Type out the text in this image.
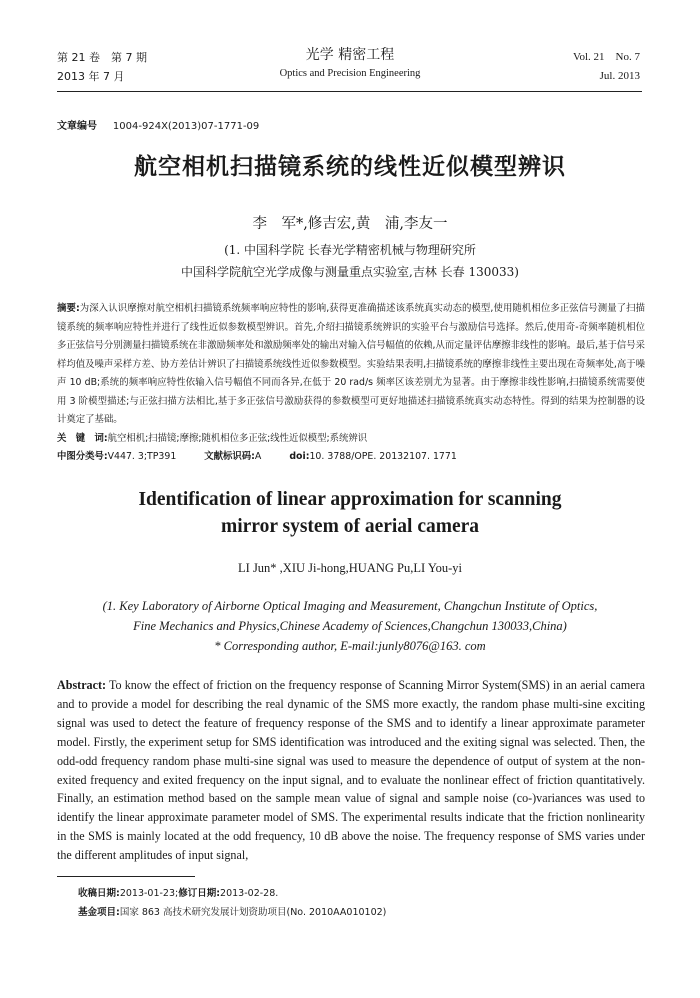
第 21 卷　第 7 期
2013 年 7 月
光学 精密工程
Optics and Precision Engineering
Vol. 21　No. 7
Jul. 2013
文章编号 1004-924X(2013)07-1771-09
航空相机扫描镜系统的线性近似模型辨识
李　军*,修吉宏,黄　浦,李友一
(1. 中国科学院 长春光学精密机械与物理研究所
中国科学院航空光学成像与测量重点实验室,吉林 长春 130033)
摘要:为深入认识摩擦对航空相机扫描镜系统频率响应特性的影响,获得更准确描述该系统真实动态的模型,使用随机相位多正弦信号测量了扫描镜系统的频率响应特性并进行了线性近似参数模型辨识。首先,介绍扫描镜系统辨识的实验平台与激励信号选择。然后,使用奇-奇频率随机相位多正弦信号分别测量扫描镜系统在非激励频率处和激励频率处的输出对输入信号幅值的依赖,从而定量评估摩擦非线性的影响。最后,基于信号采样均值及噪声采样方差、协方差估计辨识了扫描镜系统线性近似参数模型。实验结果表明,扫描镜系统的摩擦非线性主要出现在奇频率处,高于噪声 10 dB;系统的频率响应特性依输入信号幅值不同而各异,在低于 20 rad/s 频率区该差别尤为显著。由于摩擦非线性影响,扫描镜系统需要使用 3 阶模型描述;与正弦扫描方法相比,基于多正弦信号激励获得的参数模型可更好地描述扫描镜系统真实动态特性。得到的结果为控制器的设计奠定了基础。
关　键　词:航空相机;扫描镜;摩擦;随机相位多正弦;线性近似模型;系统辨识
中图分类号:V447. 3;TP391	文献标识码:A	doi:10. 3788/OPE. 20132107. 1771
Identification of linear approximation for scanning
mirror system of aerial camera
LI Jun* ,XIU Ji-hong,HUANG Pu,LI You-yi
(1. Key Laboratory of Airborne Optical Imaging and Measurement, Changchun Institute of Optics,
Fine Mechanics and Physics,Chinese Academy of Sciences,Changchun 130033,China)
* Corresponding author, E-mail:junly8076@163. com
Abstract: To know the effect of friction on the frequency response of Scanning Mirror System(SMS) in an aerial camera and to provide a model for describing the real dynamic of the SMS more exactly, the random phase multi-sine exciting signal was used to detect the feature of frequency response of the SMS and to identify a linear approximate parameter model. Firstly, the experiment setup for SMS identification was introduced and the exiting signal was selected. Then, the odd-odd frequency random phase multi-sine signal was used to measure the dependence of output of system at the non-exited frequency and exited frequency on the input signal, and to evaluate the nonlinear effect of friction quantitatively. Finally, an estimation method based on the sample mean value of signal and sample noise (co-)variances was used to identify the linear approximate parameter model of SMS. The experimental results indicate that the friction nonlinearity in the SMS is mainly located at the odd frequency, 10 dB above the noise. The frequency response of SMS varies under the different amplitudes of input signal,
收稿日期:2013-01-23;修订日期:2013-02-28.
基金项目:国家 863 高技术研究发展计划资助项目(No. 2010AA010102)
